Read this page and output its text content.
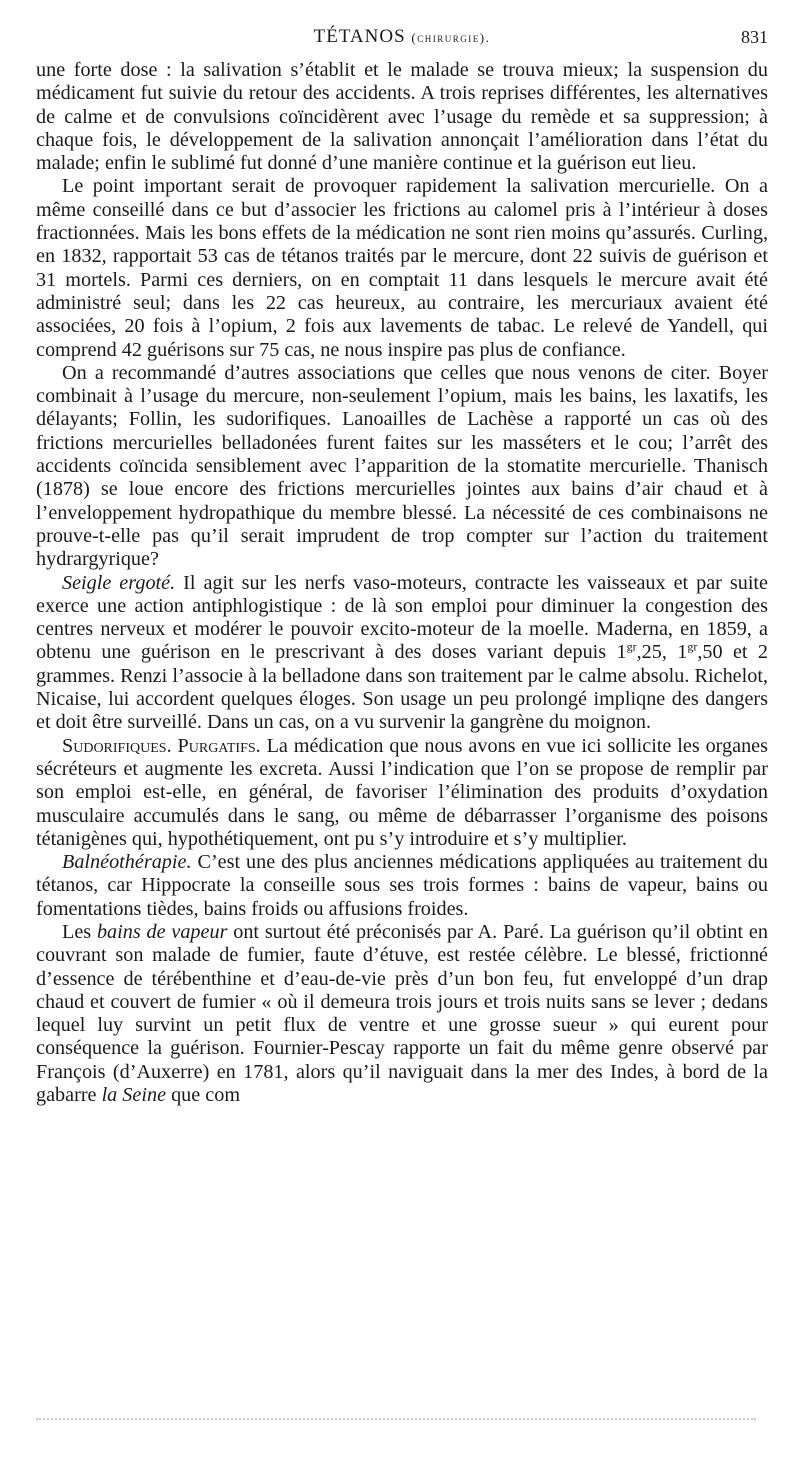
TÉTANOS (chirurgie).	831

une forte dose : la salivation s’établit et le malade se trouva mieux; la suspension du médicament fut suivie du retour des accidents. A trois reprises différentes, les alternatives de calme et de convulsions coïncidèrent avec l’usage du remède et sa suppression; à chaque fois, le développement de la salivation annonçait l’amélioration dans l’état du malade; enfin le sublimé fut donné d’une manière continue et la guérison eut lieu.

Le point important serait de provoquer rapidement la salivation mercurielle. On a même conseillé dans ce but d’associer les frictions au calomel pris à l’intérieur à doses fractionnées. Mais les bons effets de la médication ne sont rien moins qu’assurés. Curling, en 1832, rapportait 53 cas de tétanos traités par le mercure, dont 22 suivis de guérison et 31 mortels. Parmi ces derniers, on en comptait 11 dans lesquels le mercure avait été administré seul; dans les 22 cas heureux, au contraire, les mercuriaux avaient été associées, 20 fois à l’opium, 2 fois aux lavements de tabac. Le relevé de Yandell, qui comprend 42 guérisons sur 75 cas, ne nous inspire pas plus de confiance.

On a recommandé d’autres associations que celles que nous venons de citer. Boyer combinait à l’usage du mercure, non-seulement l’opium, mais les bains, les laxatifs, les délayants; Follin, les sudorifiques. Lanoailles de Lachèse a rapporté un cas où des frictions mercurielles belladonées furent faites sur les masséters et le cou; l’arrêt des accidents coïncida sensiblement avec l’apparition de la stomatite mercurielle. Thanisch (1878) se loue encore des frictions mercurielles jointes aux bains d’air chaud et à l’enveloppement hydropathique du membre blessé. La nécessité de ces combinaisons ne prouve-t-elle pas qu’il serait imprudent de trop compter sur l’action du traitement hydrargyrique?

Seigle ergoté. Il agit sur les nerfs vaso-moteurs, contracte les vaisseaux et par suite exerce une action antiphlogistique : de là son emploi pour diminuer la congestion des centres nerveux et modérer le pouvoir excito-moteur de la moelle. Maderna, en 1859, a obtenu une guérison en le prescrivant à des doses variant depuis $1^{gr},25$, $1^{gr},50$ et 2 grammes. Renzi l’associe à la belladone dans son traitement par le calme absolu. Richelot, Nicaise, lui accordent quelques éloges. Son usage un peu prolongé impliqne des dangers et doit être surveillé. Dans un cas, on a vu survenir la gangrène du moignon.

Sudorifiques. Purgatifs. La médication que nous avons en vue ici sollicite les organes sécréteurs et augmente les excreta. Aussi l’indication que l’on se propose de remplir par son emploi est-elle, en général, de favoriser l’élimination des produits d’oxydation musculaire accumulés dans le sang, ou même de débarrasser l’organisme des poisons tétanigènes qui, hypothétiquement, ont pu s’y introduire et s’y multiplier.

Balnéothérapie. C’est une des plus anciennes médications appliquées au traitement du tétanos, car Hippocrate la conseille sous ses trois formes : bains de vapeur, bains ou fomentations tièdes, bains froids ou affusions froides.

Les bains de vapeur ont surtout été préconisés par A. Paré. La guérison qu’il obtint en couvrant son malade de fumier, faute d’étuve, est restée célèbre. Le blessé, frictionné d’essence de térébenthine et d’eau-de-vie près d’un bon feu, fut enveloppé d’un drap chaud et couvert de fumier « où il demeura trois jours et trois nuits sans se lever ; dedans lequel luy survint un petit flux de ventre et une grosse sueur » qui eurent pour conséquence la guérison. Fournier-Pescay rapporte un fait du même genre observé par François (d’Auxerre) en 1781, alors qu’il naviguait dans la mer des Indes, à bord de la gabarre la Seine que com
